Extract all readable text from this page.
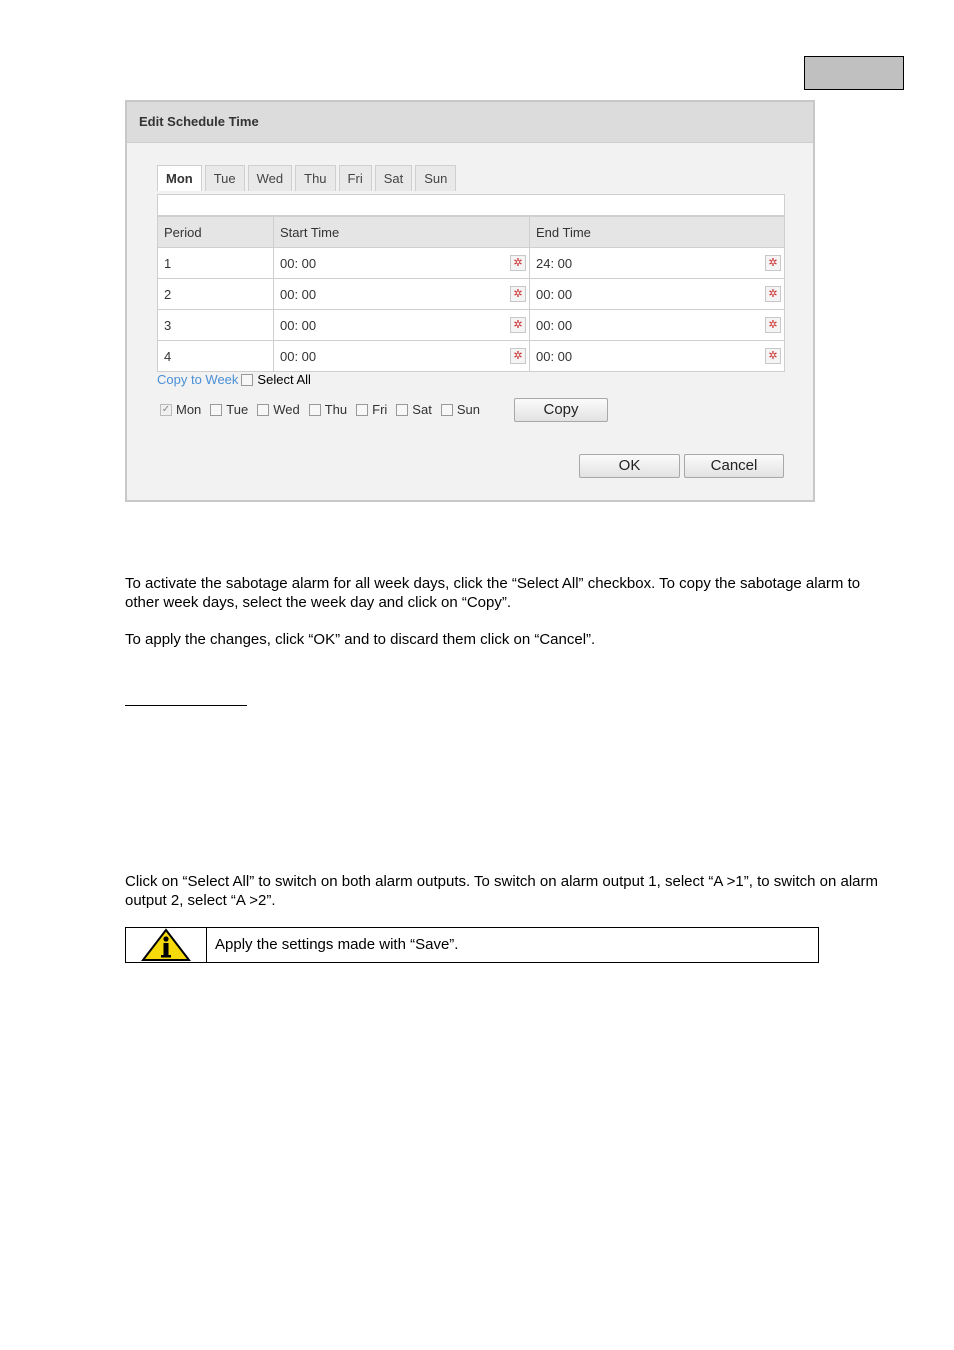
Edit Schedule Time
Mon	Tue	Wed	Thu	Fri	Sat	Sun
Period	Start Time	End Time
1	00: 00 ✲	24: 00 ✲

2	00: 00 ✲	00: 00 ✲

3	00: 00 ✲	00: 00 ✲

4	00: 00 ✲	00: 00 ✲
Copy to Week Select All
✓ Mon Tue Wed Thu Fri Sat Sun	Copy
OK	Cancel
To activate the sabotage alarm for all week days, click the “Select All” checkbox. To copy the sabotage alarm to other week days, select the week day and click on “Copy”.
To apply the changes, click “OK” and to discard them click on “Cancel”.
Click on “Select All” to switch on both alarm outputs. To switch on alarm output 1, select “A >1”, to switch on alarm output 2, select “A >2”.
Apply the settings made with “Save”.
